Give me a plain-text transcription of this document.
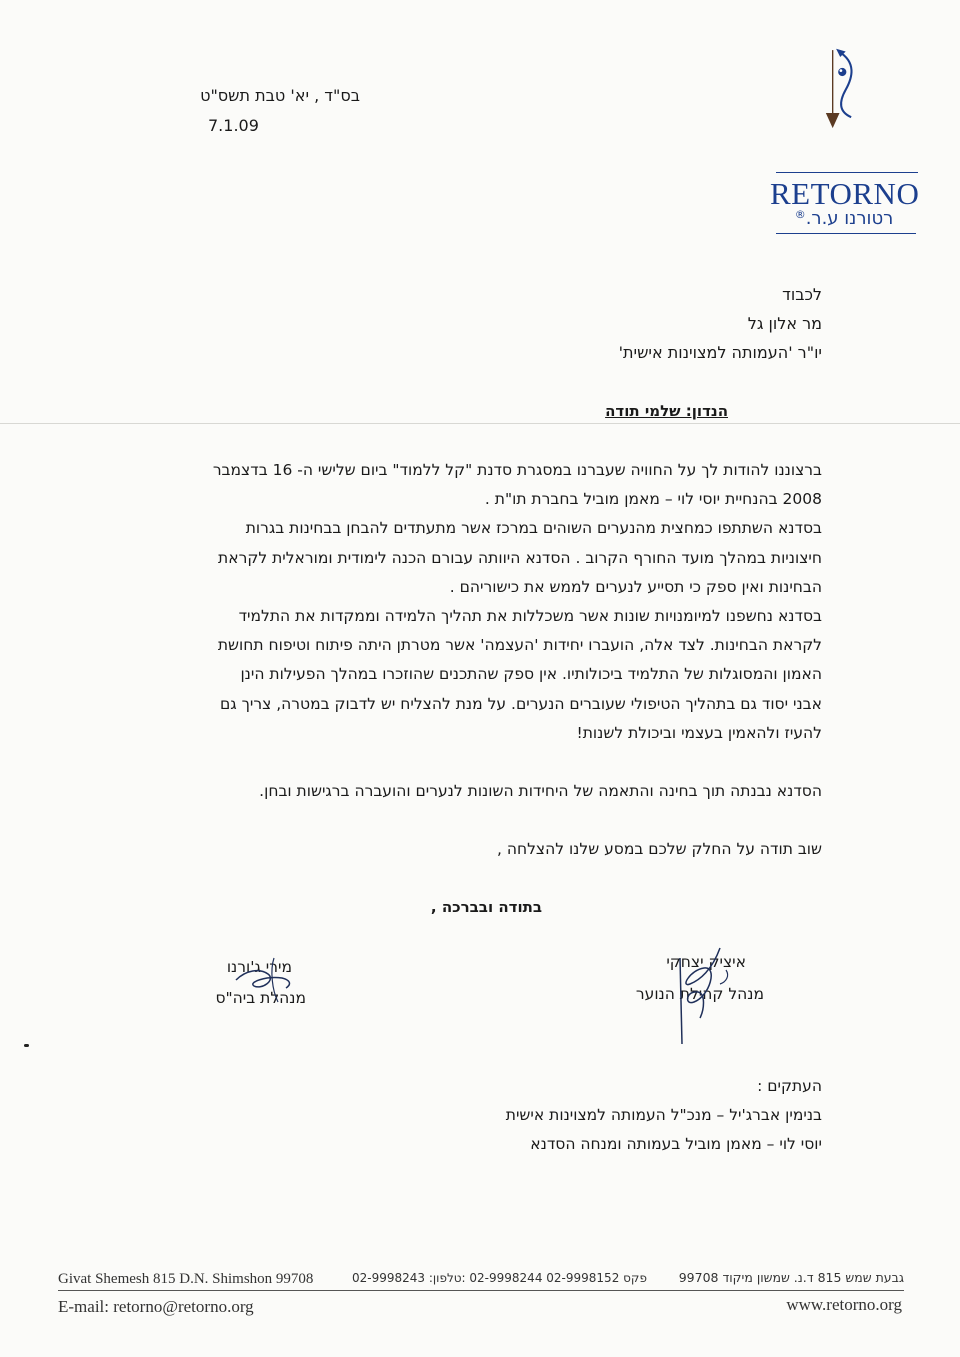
בס"ד , יא' טבת תשס"ט
7.1.09
RETORNO
רטורנו ע.ר.®
לכבוד
מר אלון גל
יו"ר 'העמותה למצוינות אישית'
הנדון: שלמי תודה
ברצוננו להודות לך על החוויה שעברנו במסגרת סדנת "קל ללמוד" ביום שלישי ה- 16 בדצמבר
2008 בהנחיית יוסי לוי – מאמן מוביל בחברת תו"ת .
בסדנא השתתפו כמחצית מהנערים השוהים במרכז אשר מתעתדים להבחן בבחינות בגרות
חיצוניות במהלך מועד החורף הקרוב . הסדנא היוותה עבורם הכנה לימודית ומוראלית לקראת
הבחינות ואין ספק כי תסייע לנערים לממש את כישוריהם .
בסדנא נחשפנו למיומנויות שונות אשר משכללות את תהליך הלמידה וממקדות את התלמיד
לקראת הבחינות. לצד אלה, הועברו יחידות 'העצמה' אשר מטרתן היתה פיתוח וטיפוח תחושת
האמון והמסוגלות של התלמיד ביכולותיו. אין ספק שהתכנים שהוזכרו במהלך הפעילות הינן
אבני יסוד גם בתהליך הטיפולי שעוברים הנערים. על מנת להצליח יש לדבוק במטרה, צריך גם
להעיז ולהאמין בעצמי וביכולת לשנות!
הסדנא נבנתה תוך בחינה והתאמה של היחידות השונות לנערים והועברה ברגישות ובחן.
שוב תודה על החלק שלכם במסע שלנו להצלחה ,
בתודה ובברכה ,
איציק יצחקי
מנהל קהילת הנוער
מירי ג'ורנו
מנהלת ביה"ס
העתקים :
בנימין אברג'יל – מנכ"ל העמותה למצוינות אישית
יוסי לוי – מאמן מוביל בעמותה ומנחה הסדנא
Givat Shemesh 815 D.N. Shimshon 99708	02-9998243 :פקס 02-9998152 02-9998244 :טלפון	גבעת שמש 815 ד.נ. שמשון מיקוד 99708
E-mail: retorno@retorno.org	www.retorno.org
